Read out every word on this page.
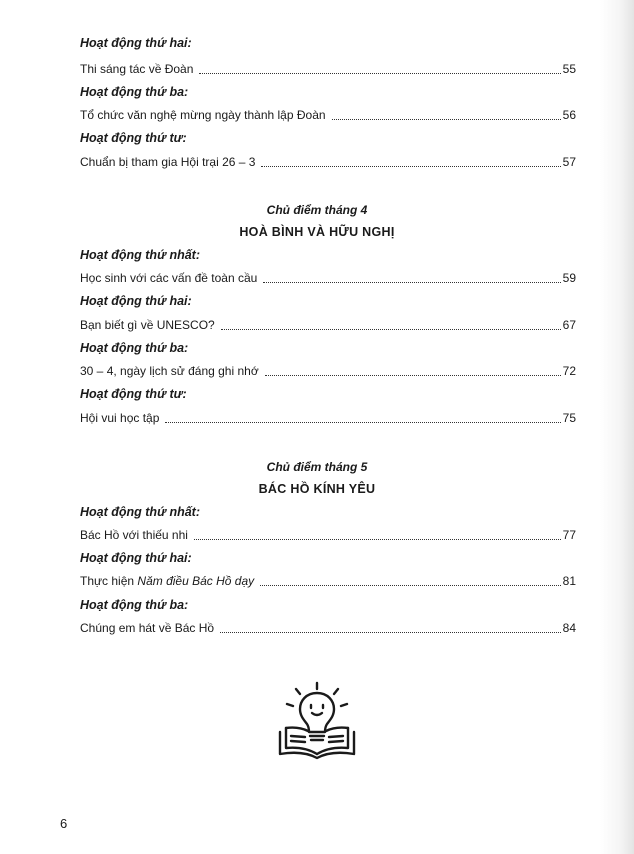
Hoạt động thứ hai:
Thi sáng tác về Đoàn	55
Hoạt động thứ ba:
Tổ chức văn nghệ mừng ngày thành lập Đoàn	56
Hoạt động thứ tư:
Chuẩn bị tham gia Hội trại 26 – 3	57
Chủ điểm tháng 4
HOÀ BÌNH VÀ HỮU NGHỊ
Hoạt động thứ nhất:
Học sinh với các vấn đề toàn cầu	59
Hoạt động thứ hai:
Bạn biết gì về UNESCO?	67
Hoạt động thứ ba:
30 – 4, ngày lịch sử đáng ghi nhớ	72
Hoạt động thứ tư:
Hội vui học tập	75
Chủ điểm tháng 5
BÁC HỒ KÍNH YÊU
Hoạt động thứ nhất:
Bác Hồ với thiếu nhi	77
Hoạt động thứ hai:
Thực hiện Năm điều Bác Hồ dạy	81
Hoạt động thứ ba:
Chúng em hát về Bác Hồ	84
6
